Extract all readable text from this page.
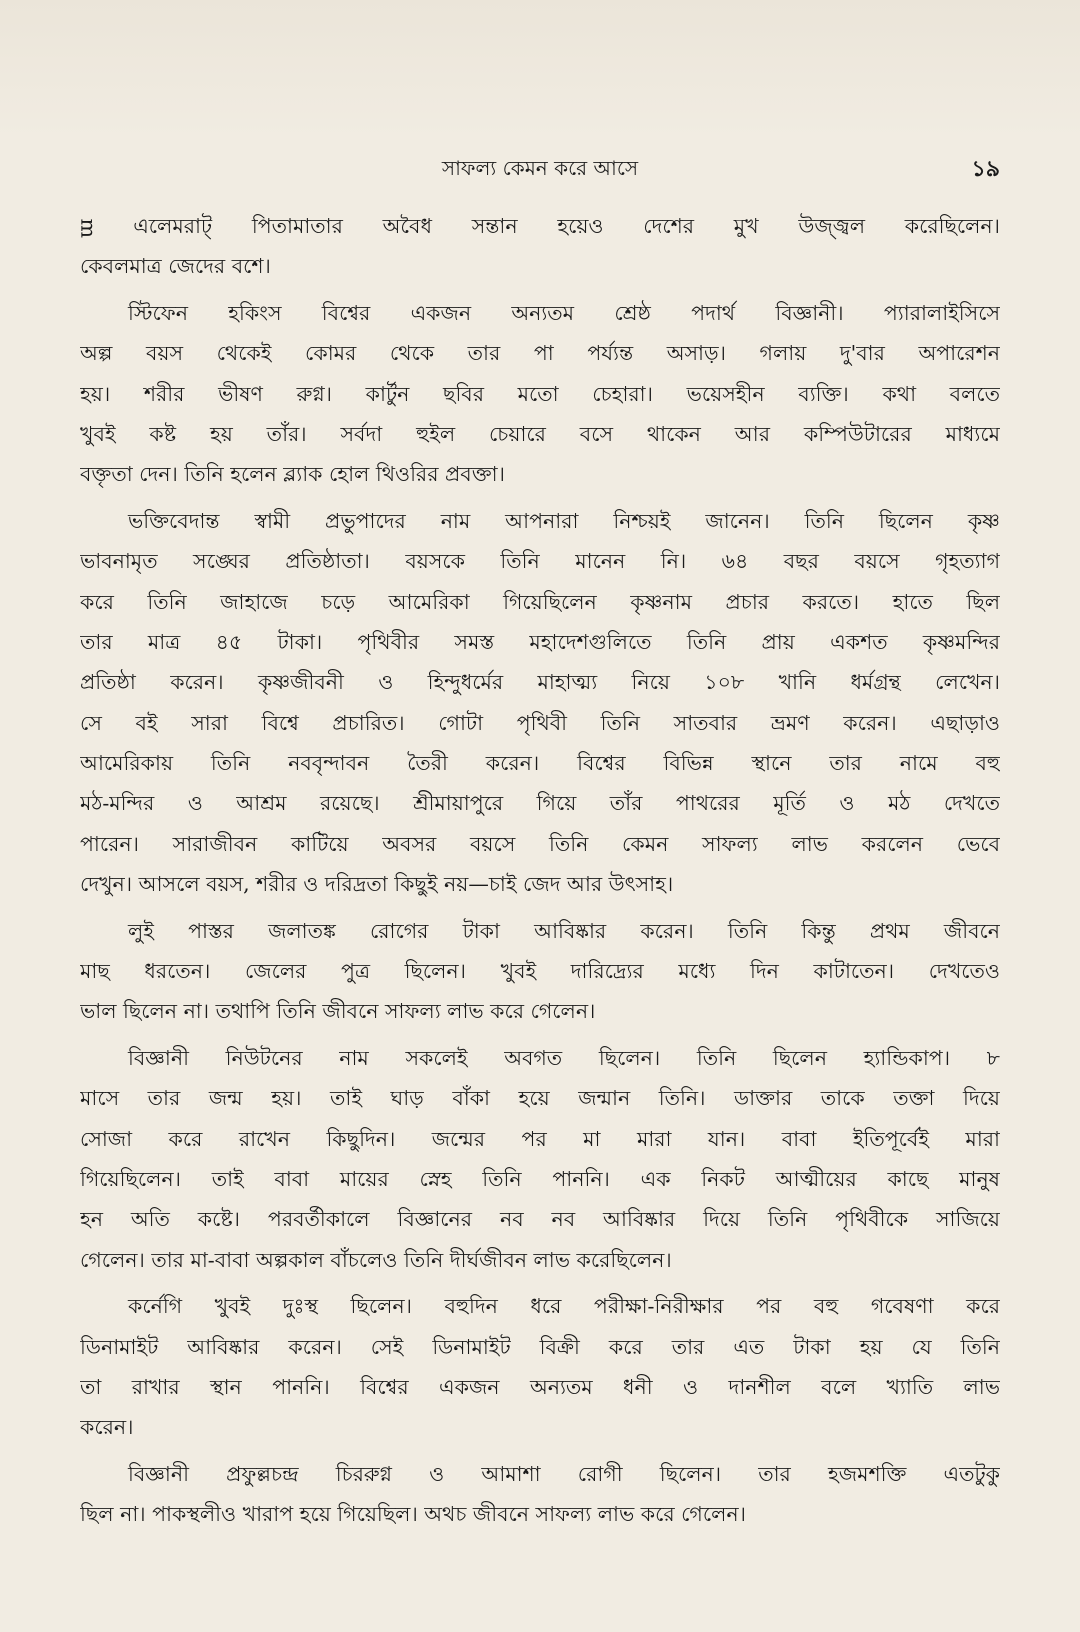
সাফল্য কেমন করে আসে	১৯
ᴟ এলেমরাট্ পিতামাতার অবৈধ সন্তান হয়েও দেশের মুখ উজ্জ্বল করেছিলেন।
কেবলমাত্র জেদের বশে।
স্টিফেন হকিংস বিশ্বের একজন অন্যতম শ্রেষ্ঠ পদার্থ বিজ্ঞানী। প্যারালাইসিসে
অল্প বয়স থেকেই কোমর থেকে তার পা পর্য্যন্ত অসাড়। গলায় দু'বার অপারেশন
হয়। শরীর ভীষণ রুগ্ন। কার্টুন ছবির মতো চেহারা। ভয়েসহীন ব্যক্তি। কথা বলতে
খুবই কষ্ট হয় তাঁর। সর্বদা হুইল চেয়ারে বসে থাকেন আর কম্পিউটারের মাধ্যমে
বক্তৃতা দেন। তিনি হলেন ব্ল্যাক হোল থিওরির প্রবক্তা।
ভক্তিবেদান্ত স্বামী প্রভুপাদের নাম আপনারা নিশ্চয়ই জানেন। তিনি ছিলেন কৃষ্ণ
ভাবনামৃত সঙ্ঘের প্রতিষ্ঠাতা। বয়সকে তিনি মানেন নি। ৬৪ বছর বয়সে গৃহত্যাগ
করে তিনি জাহাজে চড়ে আমেরিকা গিয়েছিলেন কৃষ্ণনাম প্রচার করতে। হাতে ছিল
তার মাত্র ৪৫ টাকা। পৃথিবীর সমস্ত মহাদেশগুলিতে তিনি প্রায় একশত কৃষ্ণমন্দির
প্রতিষ্ঠা করেন। কৃষ্ণজীবনী ও হিন্দুধর্মের মাহাত্ম্য নিয়ে ১০৮ খানি ধর্মগ্রন্থ লেখেন।
সে বই সারা বিশ্বে প্রচারিত। গোটা পৃথিবী তিনি সাতবার ভ্রমণ করেন। এছাড়াও
আমেরিকায় তিনি নববৃন্দাবন তৈরী করেন। বিশ্বের বিভিন্ন স্থানে তার নামে বহু
মঠ-মন্দির ও আশ্রম রয়েছে। শ্রীমায়াপুরে গিয়ে তাঁর পাথরের মূর্তি ও মঠ দেখতে
পারেন। সারাজীবন কাটিয়ে অবসর বয়সে তিনি কেমন সাফল্য লাভ করলেন ভেবে
দেখুন। আসলে বয়স, শরীর ও দরিদ্রতা কিছুই নয়—চাই জেদ আর উৎসাহ।
লুই পাস্তর জলাতঙ্ক রোগের টাকা আবিষ্কার করেন। তিনি কিন্তু প্রথম জীবনে
মাছ ধরতেন। জেলের পুত্র ছিলেন। খুবই দারিদ্র্যের মধ্যে দিন কাটাতেন। দেখতেও
ভাল ছিলেন না। তথাপি তিনি জীবনে সাফল্য লাভ করে গেলেন।
বিজ্ঞানী নিউটনের নাম সকলেই অবগত ছিলেন। তিনি ছিলেন হ্যান্ডিকাপ। ৮
মাসে তার জন্ম হয়। তাই ঘাড় বাঁকা হয়ে জন্মান তিনি। ডাক্তার তাকে তক্তা দিয়ে
সোজা করে রাখেন কিছুদিন। জন্মের পর মা মারা যান। বাবা ইতিপূর্বেই মারা
গিয়েছিলেন। তাই বাবা মায়ের স্নেহ তিনি পাননি। এক নিকট আত্মীয়ের কাছে মানুষ
হন অতি কষ্টে। পরবর্তীকালে বিজ্ঞানের নব নব আবিষ্কার দিয়ে তিনি পৃথিবীকে সাজিয়ে
গেলেন। তার মা-বাবা অল্পকাল বাঁচলেও তিনি দীর্ঘজীবন লাভ করেছিলেন।
কর্নেগি খুবই দুঃস্থ ছিলেন। বহুদিন ধরে পরীক্ষা-নিরীক্ষার পর বহু গবেষণা করে
ডিনামাইট আবিষ্কার করেন। সেই ডিনামাইট বিক্রী করে তার এত টাকা হয় যে তিনি
তা রাখার স্থান পাননি। বিশ্বের একজন অন্যতম ধনী ও দানশীল বলে খ্যাতি লাভ
করেন।
বিজ্ঞানী প্রফুল্লচন্দ্র চিররুগ্ন ও আমাশা রোগী ছিলেন। তার হজমশক্তি এতটুকু
ছিল না। পাকস্থলীও খারাপ হয়ে গিয়েছিল। অথচ জীবনে সাফল্য লাভ করে গেলেন।
